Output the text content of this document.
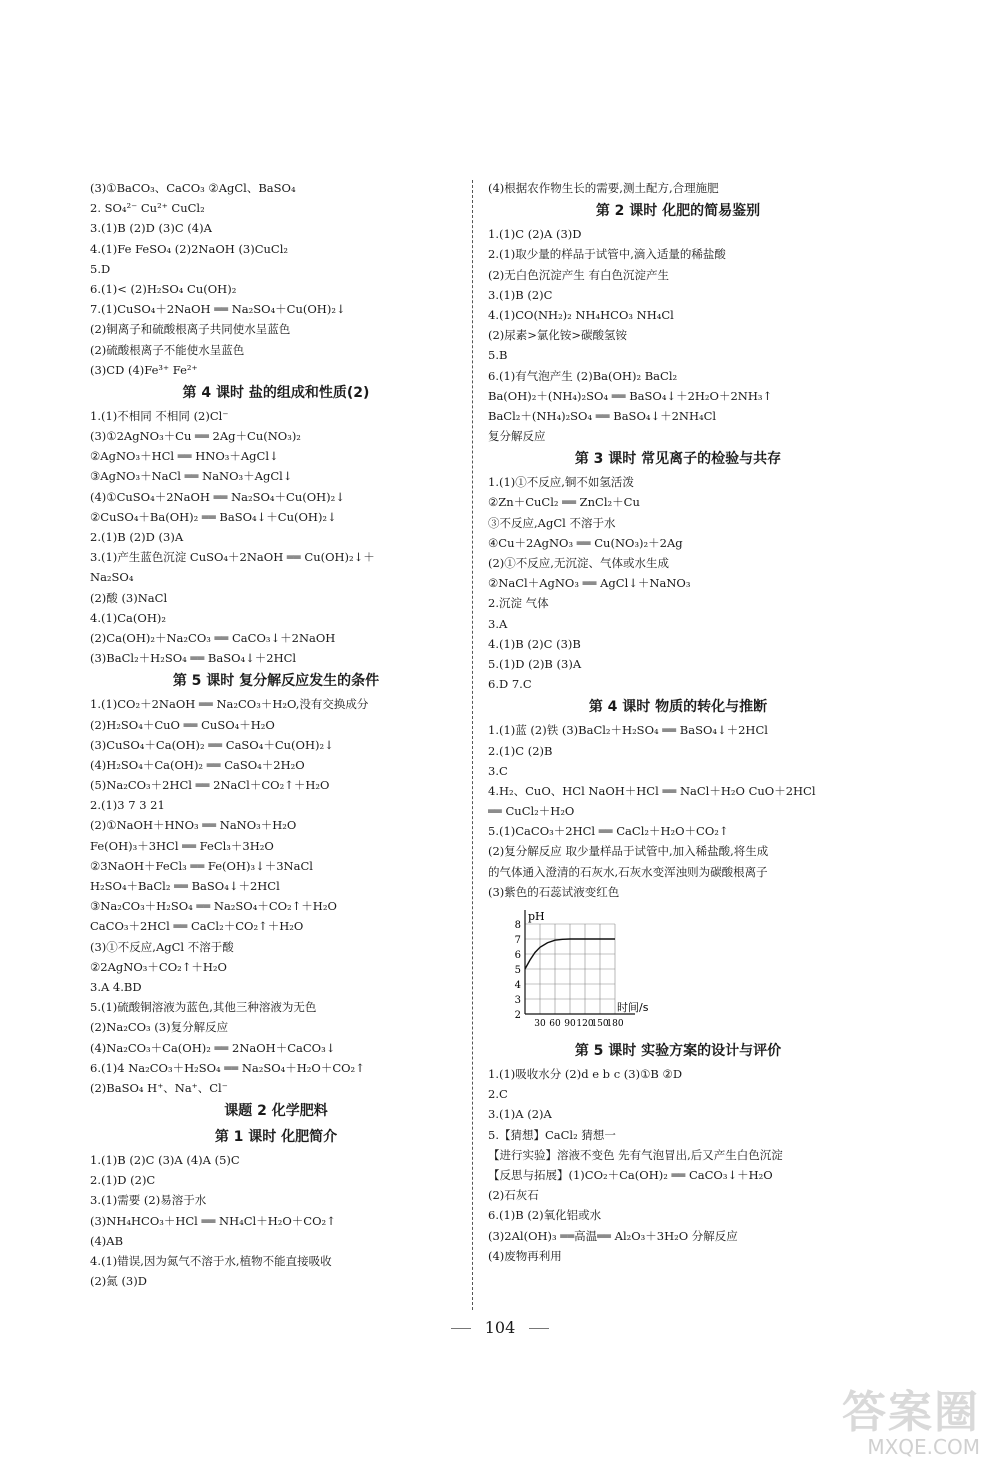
(3)①BaCO₃、CaCO₃ ②AgCl、BaSO₄
2. SO₄²⁻ Cu²⁺ CuCl₂
3.(1)B (2)D (3)C (4)A
4.(1)Fe FeSO₄ (2)2NaOH (3)CuCl₂
5.D
6.(1)< (2)H₂SO₄ Cu(OH)₂
7.(1)CuSO₄＋2NaOH ══ Na₂SO₄＋Cu(OH)₂↓
(2)铜离子和硫酸根离子共同使水呈蓝色
(2)硫酸根离子不能使水呈蓝色
(3)CD (4)Fe³⁺ Fe²⁺
第 4 课时 盐的组成和性质(2)
1.(1)不相同 不相同 (2)Cl⁻
(3)①2AgNO₃＋Cu ══ 2Ag＋Cu(NO₃)₂
②AgNO₃＋HCl ══ HNO₃＋AgCl↓
③AgNO₃＋NaCl ══ NaNO₃＋AgCl↓
(4)①CuSO₄＋2NaOH ══ Na₂SO₄＋Cu(OH)₂↓
②CuSO₄＋Ba(OH)₂ ══ BaSO₄↓＋Cu(OH)₂↓
2.(1)B (2)D (3)A
3.(1)产生蓝色沉淀 CuSO₄＋2NaOH ══ Cu(OH)₂↓＋
Na₂SO₄
(2)酸 (3)NaCl
4.(1)Ca(OH)₂
(2)Ca(OH)₂＋Na₂CO₃ ══ CaCO₃↓＋2NaOH
(3)BaCl₂＋H₂SO₄ ══ BaSO₄↓＋2HCl
第 5 课时 复分解反应发生的条件
1.(1)CO₂＋2NaOH ══ Na₂CO₃＋H₂O,没有交换成分
(2)H₂SO₄＋CuO ══ CuSO₄＋H₂O
(3)CuSO₄＋Ca(OH)₂ ══ CaSO₄＋Cu(OH)₂↓
(4)H₂SO₄＋Ca(OH)₂ ══ CaSO₄＋2H₂O
(5)Na₂CO₃＋2HCl ══ 2NaCl＋CO₂↑＋H₂O
2.(1)3 7 3 21
(2)①NaOH＋HNO₃ ══ NaNO₃＋H₂O
Fe(OH)₃＋3HCl ══ FeCl₃＋3H₂O
②3NaOH＋FeCl₃ ══ Fe(OH)₃↓＋3NaCl
H₂SO₄＋BaCl₂ ══ BaSO₄↓＋2HCl
③Na₂CO₃＋H₂SO₄ ══ Na₂SO₄＋CO₂↑＋H₂O
CaCO₃＋2HCl ══ CaCl₂＋CO₂↑＋H₂O
(3)①不反应,AgCl 不溶于酸
②2AgNO₃＋CO₂↑＋H₂O
3.A 4.BD
5.(1)硫酸铜溶液为蓝色,其他三种溶液为无色
(2)Na₂CO₃ (3)复分解反应
(4)Na₂CO₃＋Ca(OH)₂ ══ 2NaOH＋CaCO₃↓
6.(1)4 Na₂CO₃＋H₂SO₄ ══ Na₂SO₄＋H₂O＋CO₂↑
(2)BaSO₄ H⁺、Na⁺、Cl⁻
课题 2 化学肥料
第 1 课时 化肥简介
1.(1)B (2)C (3)A (4)A (5)C
2.(1)D (2)C
3.(1)需要 (2)易溶于水
(3)NH₄HCO₃＋HCl ══ NH₄Cl＋H₂O＋CO₂↑
(4)AB
4.(1)错误,因为氮气不溶于水,植物不能直接吸收
(2)氮 (3)D
(4)根据农作物生长的需要,测土配方,合理施肥
第 2 课时 化肥的简易鉴别
1.(1)C (2)A (3)D
2.(1)取少量的样品于试管中,滴入适量的稀盐酸
(2)无白色沉淀产生 有白色沉淀产生
3.(1)B (2)C
4.(1)CO(NH₂)₂ NH₄HCO₃ NH₄Cl
(2)尿素>氯化铵>碳酸氢铵
5.B
6.(1)有气泡产生 (2)Ba(OH)₂ BaCl₂
Ba(OH)₂＋(NH₄)₂SO₄ ══ BaSO₄↓＋2H₂O＋2NH₃↑
BaCl₂＋(NH₄)₂SO₄ ══ BaSO₄↓＋2NH₄Cl
复分解反应
第 3 课时 常见离子的检验与共存
1.(1)①不反应,铜不如氢活泼
②Zn＋CuCl₂ ══ ZnCl₂＋Cu
③不反应,AgCl 不溶于水
④Cu＋2AgNO₃ ══ Cu(NO₃)₂＋2Ag
(2)①不反应,无沉淀、气体或水生成
②NaCl＋AgNO₃ ══ AgCl↓＋NaNO₃
2.沉淀 气体
3.A
4.(1)B (2)C (3)B
5.(1)D (2)B (3)A
6.D 7.C
第 4 课时 物质的转化与推断
1.(1)蓝 (2)铁 (3)BaCl₂＋H₂SO₄ ══ BaSO₄↓＋2HCl
2.(1)C (2)B
3.C
4.H₂、CuO、HCl NaOH＋HCl ══ NaCl＋H₂O CuO＋2HCl
══ CuCl₂＋H₂O
5.(1)CaCO₃＋2HCl ══ CaCl₂＋H₂O＋CO₂↑
(2)复分解反应 取少量样品于试管中,加入稀盐酸,将生成
的气体通入澄清的石灰水,石灰水变浑浊则为碳酸根离子
(3)紫色的石蕊试液变红色
2
3
4
5
6
7
8
30 60 90 120
150
180
pH
时间/s
第 5 课时 实验方案的设计与评价
1.(1)吸收水分 (2)d e b c (3)①B ②D
2.C
3.(1)A (2)A
5.【猜想】CaCl₂ 猜想一
【进行实验】溶液不变色 先有气泡冒出,后又产生白色沉淀
【反思与拓展】(1)CO₂＋Ca(OH)₂ ══ CaCO₃↓＋H₂O
(2)石灰石
6.(1)B (2)氧化铝或水
(3)2Al(OH)₃ ══高温══ Al₂O₃＋3H₂O 分解反应
(4)废物再利用
104
答案圈
MXQE.COM
